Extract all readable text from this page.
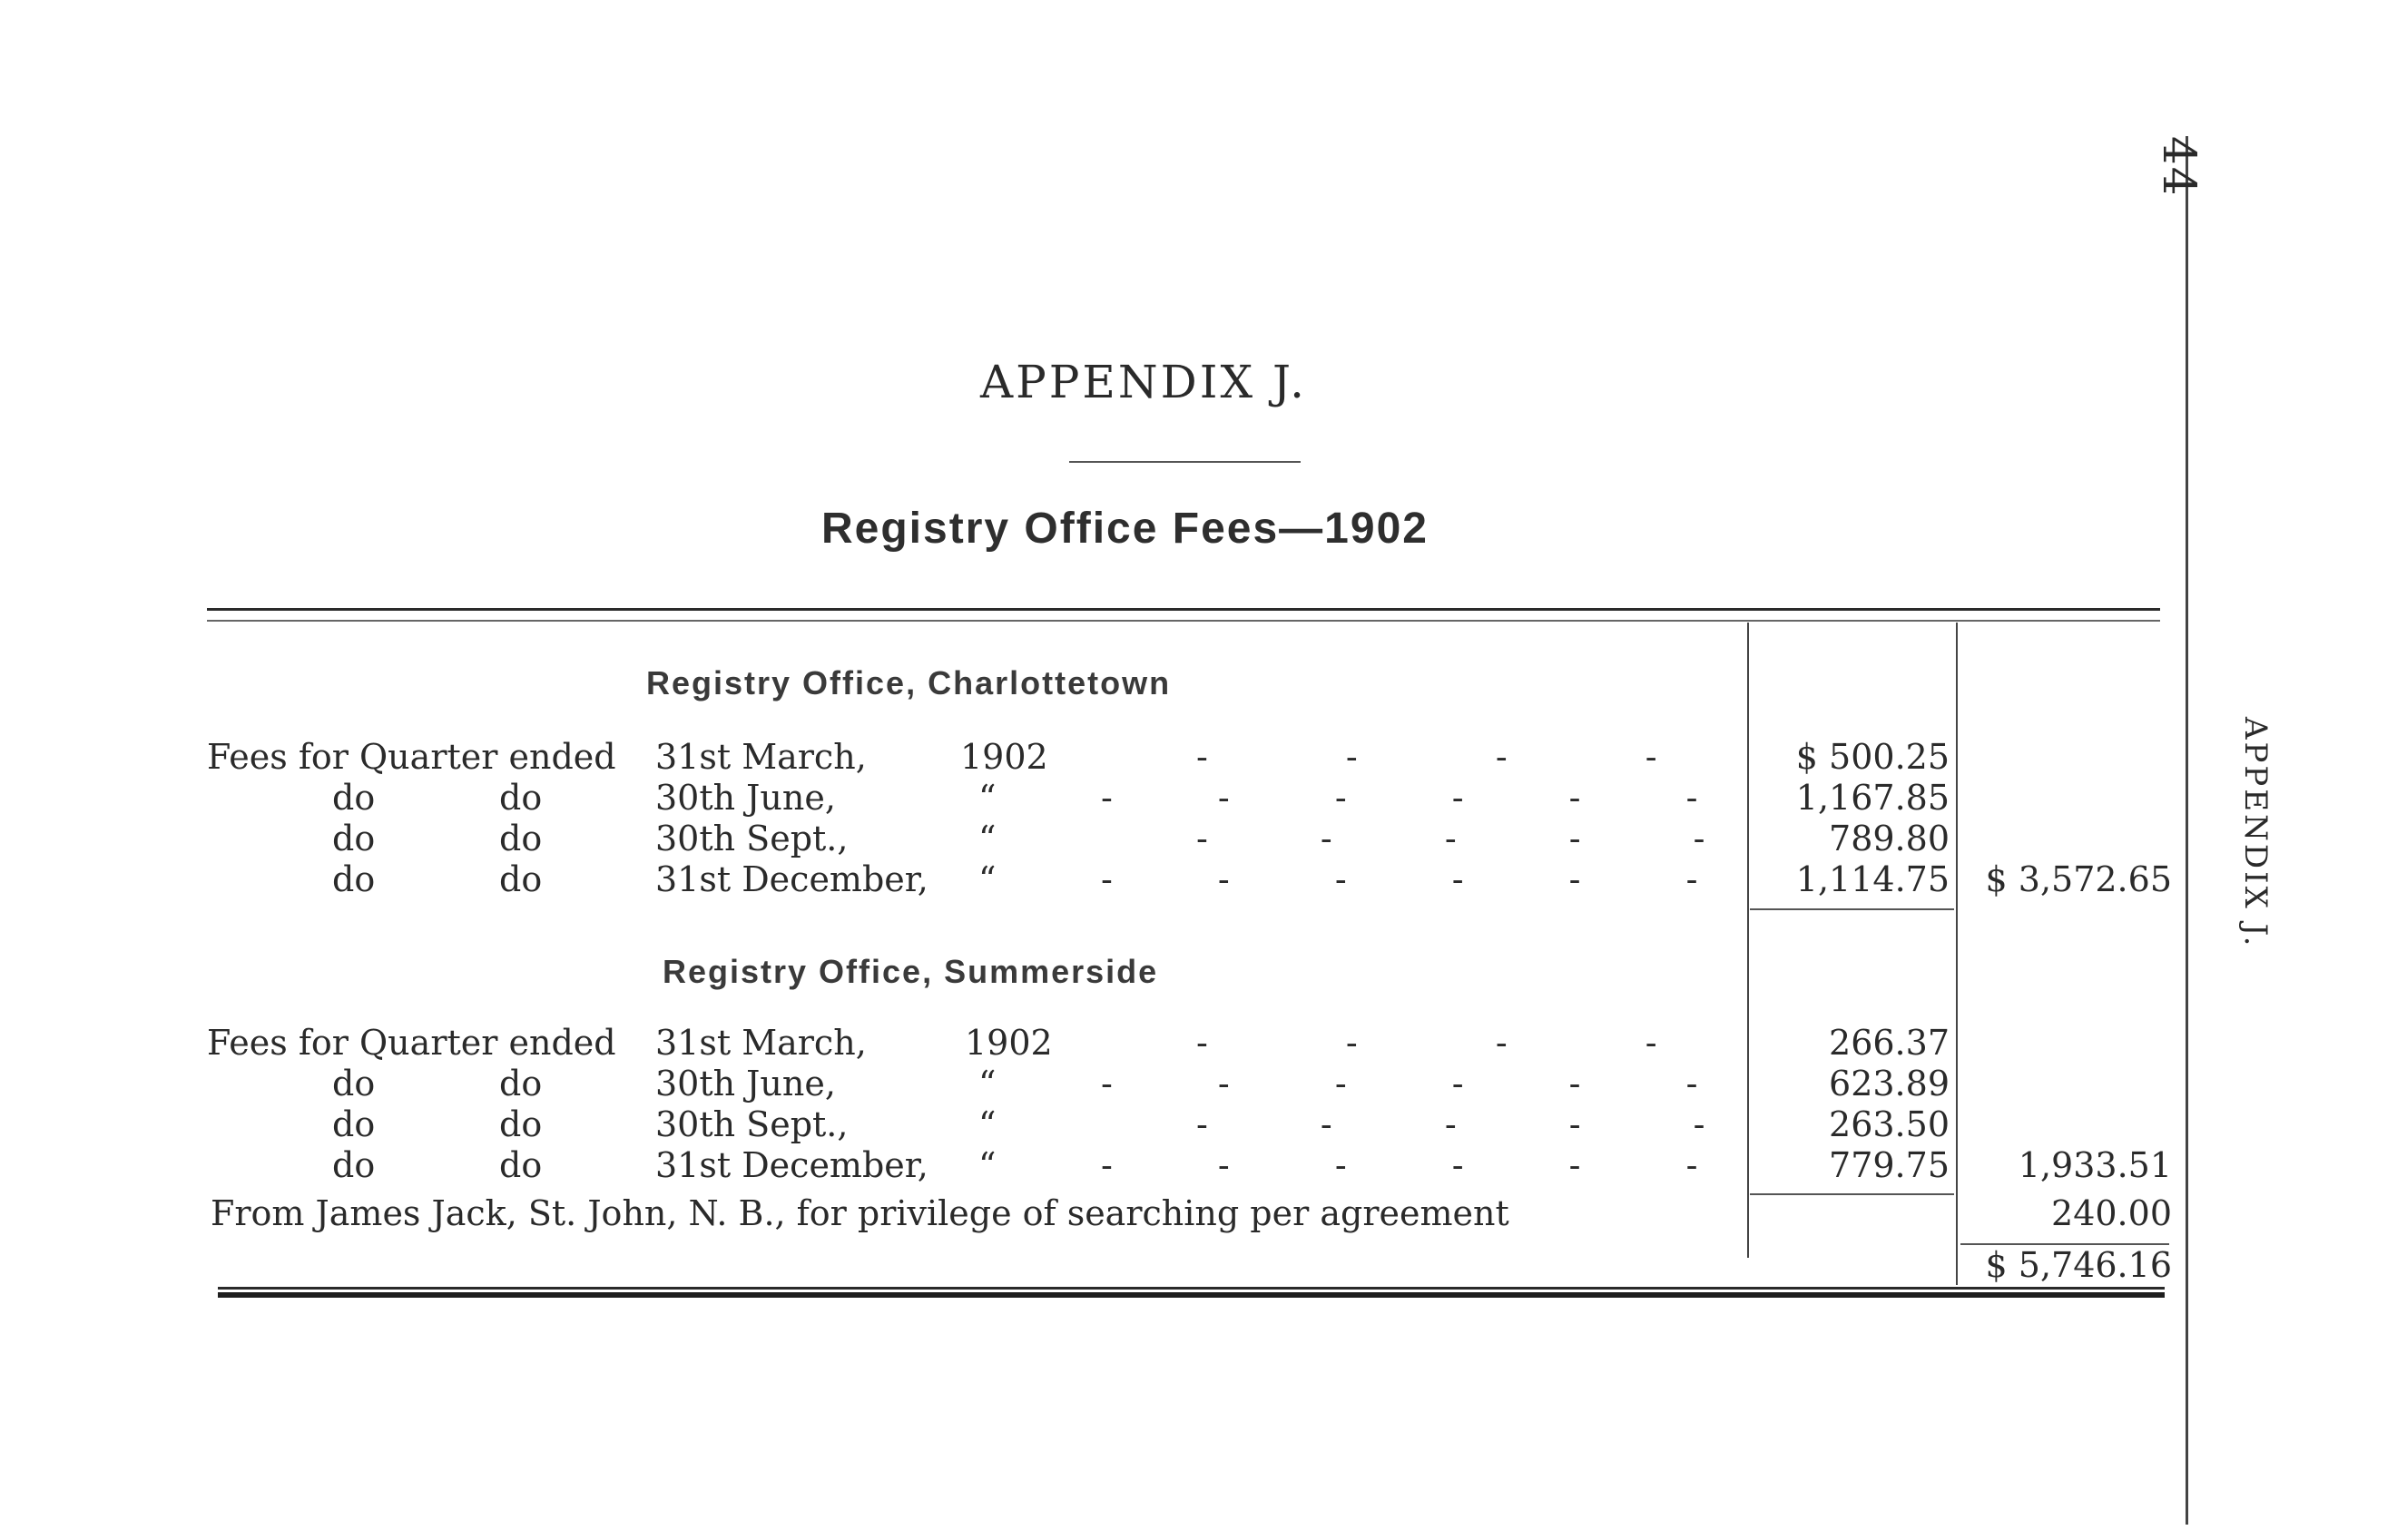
44
APPENDIX J.
APPENDIX J.
Registry Office Fees—1902
Registry Office, Charlottetown
Fees for Quarter ended 31st March,	1902	- - - - $ 500.25
do	do	30th June,	“	- - - - - - 1,167.85
do	do	30th Sept.,	“	- - - - - 789.80
do	do	31st December, “	- - - - - - 1,114.75 $ 3,572.65
Registry Office, Summerside
Fees for Quarter ended 31st March,	1902	- - - -	266.37
do	do	30th June,	“	- - - - - - 623.89
do	do	30th Sept.,	“	- - - - - 263.50
do	do	31st December, “	- - - - - - 779.75 1,933.51
From James Jack, St. John, N. B., for privilege of searching per agreement	240.00
$ 5,746.16
